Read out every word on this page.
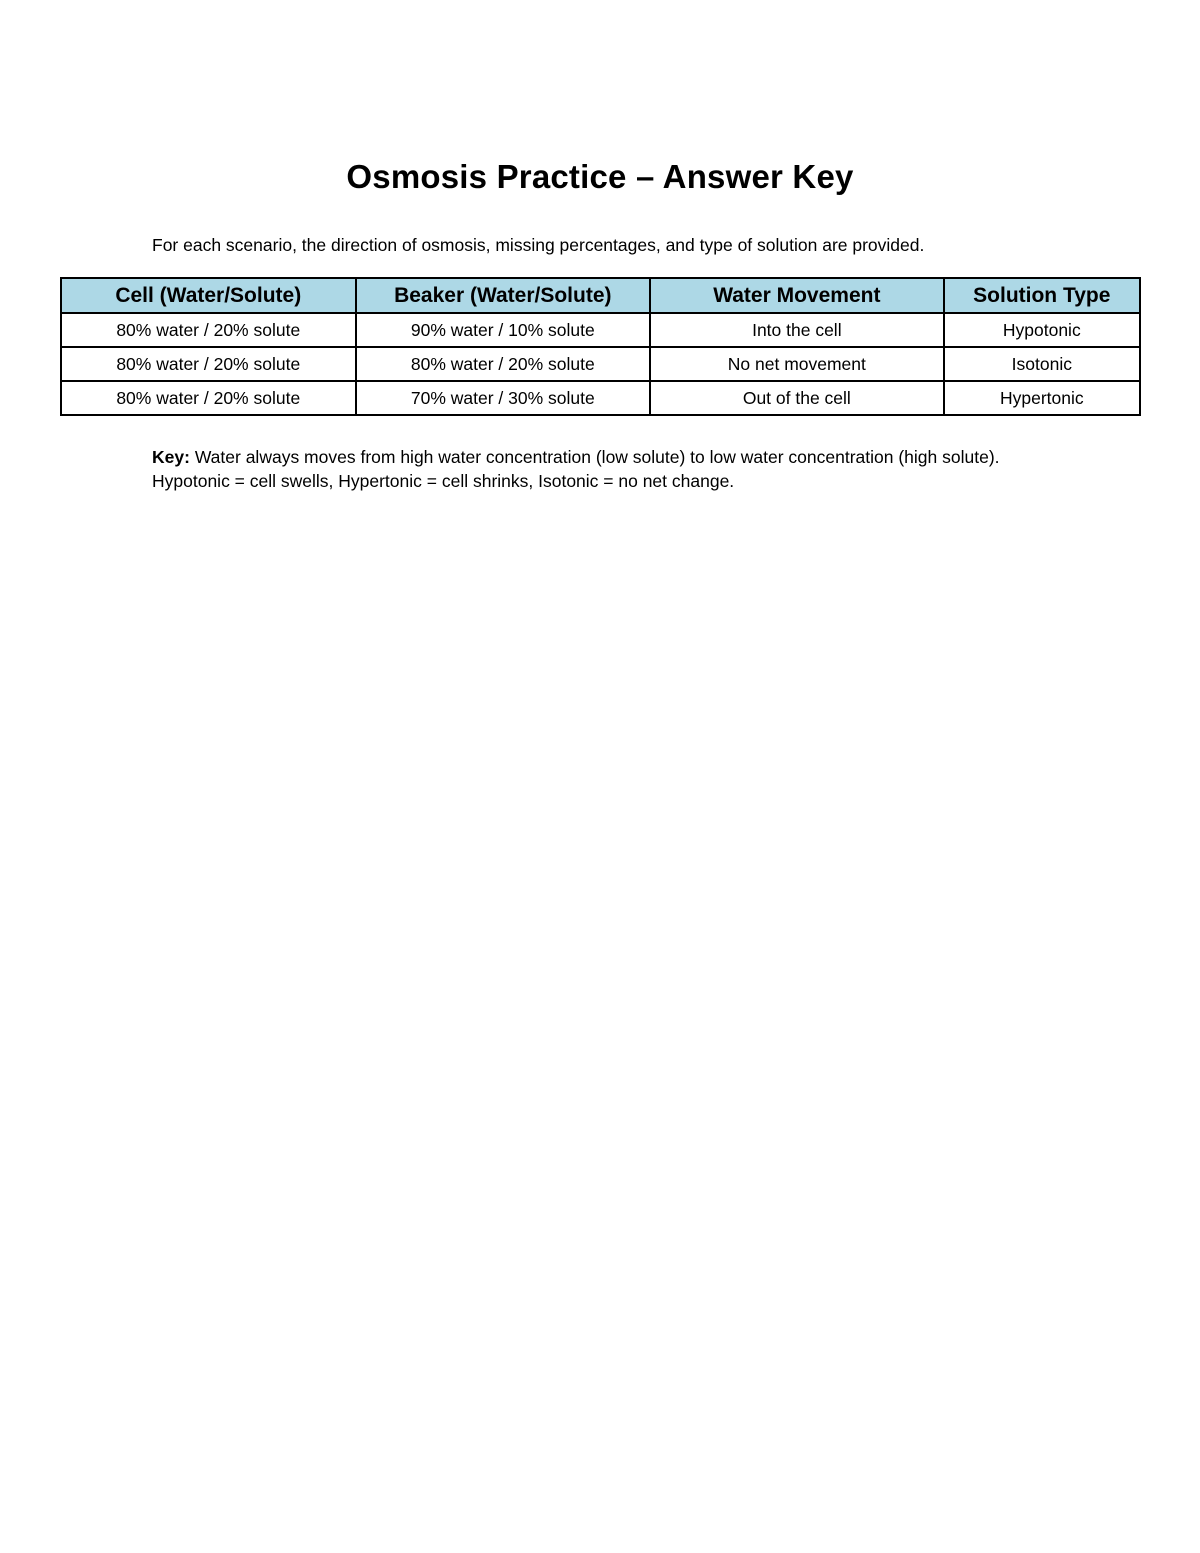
Osmosis Practice – Answer Key
For each scenario, the direction of osmosis, missing percentages, and type of solution are provided.
Cell (Water/Solute)	Beaker (Water/Solute)	Water Movement	Solution Type
80% water / 20% solute	90% water / 10% solute	Into the cell	Hypotonic
80% water / 20% solute	80% water / 20% solute	No net movement	Isotonic
80% water / 20% solute	70% water / 30% solute	Out of the cell	Hypertonic
Key: Water always moves from high water concentration (low solute) to low water concentration (high solute). Hypotonic = cell swells, Hypertonic = cell shrinks, Isotonic = no net change.
